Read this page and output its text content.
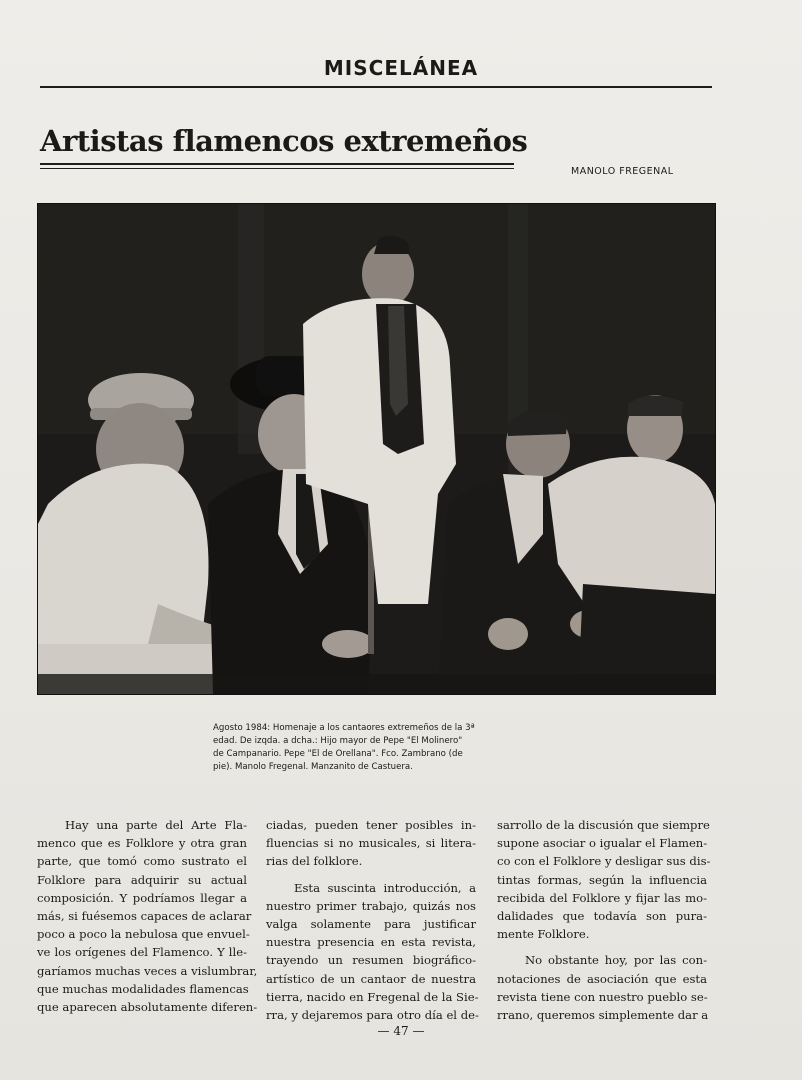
MISCELÁNEA
Artistas flamencos extremeños
MANOLO FREGENAL
Agosto 1984: Homenaje a los cantaores extremeños de la 3ª
edad. De izqda. a dcha.: Hijo mayor de Pepe "El Molinero"
de Campanario. Pepe "El de Orellana". Fco. Zambrano (de
pie). Manolo Fregenal. Manzanito de Castuera.
Hay una parte del Arte Fla-
menco que es Folklore y otra gran
parte, que tomó como sustrato el
Folklore para adquirir su actual
composición. Y podríamos llegar a
más, si fuésemos capaces de aclarar
poco a poco la nebulosa que envuel-
ve los orígenes del Flamenco. Y lle-
garíamos muchas veces a vislumbrar,
que muchas modalidades flamencas
que aparecen absolutamente diferen-
ciadas, pueden tener posibles in-
fluencias si no musicales, si litera-
rias del folklore.
Esta suscinta introducción, a
nuestro primer trabajo, quizás nos
valga solamente para justificar
nuestra presencia en esta revista,
trayendo un resumen biográfico-
artístico de un cantaor de nuestra
tierra, nacido en Fregenal de la Sie-
rra, y dejaremos para otro día el de-
sarrollo de la discusión que siempre
supone asociar o igualar el Flamen-
co con el Folklore y desligar sus dis-
tintas formas, según la influencia
recibida del Folklore y fijar las mo-
dalidades que todavía son pura-
mente Folklore.
No obstante hoy, por las con-
notaciones de asociación que esta
revista tiene con nuestro pueblo se-
rrano, queremos simplemente dar a
— 47 —
